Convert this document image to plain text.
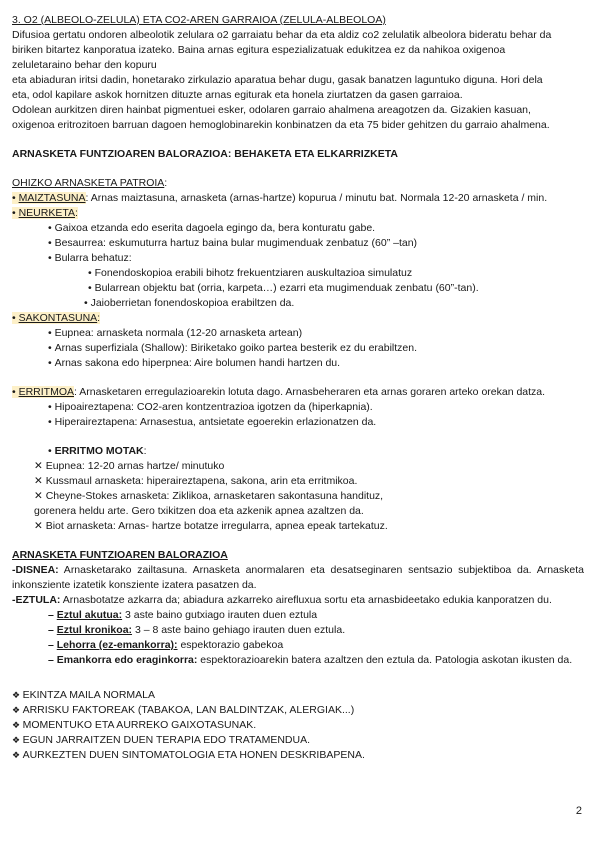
3. O2 (ALBEOLO-ZELULA) ETA CO2-AREN GARRAIOA (ZELULA-ALBEOLOA)

Difusioa gertatu ondoren albeolotik zelulara o2 garraiatu behar da eta aldiz co2 zelulatik albeolora bideratu behar da

biriken bitartez kanporatua izateko. Baina arnas egitura espezializatuak edukitzea ez da nahikoa oxigenoa

zeluletaraino behar den kopuru

eta abiaduran iritsi dadin, honetarako zirkulazio aparatua behar dugu, gasak banatzen laguntuko diguna. Hori dela

eta, odol kapilare askok hornitzen dituzte arnas egiturak eta honela ziurtatzen da gasen garraioa.

Odolean aurkitzen diren hainbat pigmentuei esker, odolaren garraio ahalmena areagotzen da. Gizakien kasuan,

oxigenoa eritrozitoen barruan dagoen hemoglobinarekin konbinatzen da eta 75 bider gehitzen du garraio ahalmena.

ARNASKETA FUNTZIOAREN BALORAZIOA: BEHAKETA ETA ELKARRIZKETA

OHIZKO ARNASKETA PATROIA:

• MAIZTASUNA: Arnas maiztasuna, arnasketa (arnas-hartze) kopurua / minutu bat. Normala 12-20 arnasketa / min.

• NEURKETA:

• Gaixoa etzanda edo eserita dagoela egingo da, bera konturatu gabe.

• Besaurrea: eskumuturra hartuz baina bular mugimenduak zenbatuz (60” –tan)

• Bularra behatuz:

• Fonendoskopioa erabili bihotz frekuentziaren auskultazioa simulatuz

• Bularrean objektu bat (orria, karpeta…) ezarri eta mugimenduak zenbatu (60”-tan).

• Jaioberrietan fonendoskopioa erabiltzen da.

• SAKONTASUNA:

• Eupnea: arnasketa normala (12-20 arnasketa artean)

• Arnas superfiziala (Shallow): Biriketako goiko partea besterik ez du erabiltzen.

• Arnas sakona edo hiperpnea: Aire bolumen handi hartzen du.

• ERRITMOA: Arnasketaren erregulazioarekin lotuta dago. Arnasbeheraren eta arnas goraren arteko orekan datza.

• Hipoaireztapena: CO2-aren kontzentrazioa igotzen da (hiperkapnia).

• Hiperaireztapena: Arnasestua, antsietate egoerekin erlazionatzen da.

• ERRITMO MOTAK:

✕ Eupnea: 12-20 arnas hartze/ minutuko

✕ Kussmaul arnasketa: hiperaireztapena, sakona, arin eta erritmikoa.

✕ Cheyne-Stokes arnasketa: Ziklikoa, arnasketaren sakontasuna handituz,

gorenera heldu arte. Gero txikitzen doa eta azkenik apnea azaltzen da.

✕ Biot arnasketa: Arnas- hartze botatze irregularra, apnea epeak tartekatuz.

ARNASKETA FUNTZIOAREN BALORAZIOA

-DISNEA: Arnasketarako zailtasuna. Arnasketa anormalaren eta desatseginaren sentsazio subjektiboa da. Arnasketa inkonsziente izatetik konsziente izatera pasatzen da.

-EZTULA: Arnasbotatze azkarra da; abiadura azkarreko aireﬂuxua sortu eta arnasbideetako edukia kanporatzen du.

– Eztul akutua: 3 aste baino gutxiago irauten duen eztula

– Eztul kronikoa: 3 – 8 aste baino gehiago irauten duen eztula.

– Lehorra (ez-emankorra): espektorazio gabekoa

– Emankorra edo eraginkorra: espektorazioarekin batera azaltzen den eztula da. Patologia askotan ikusten da.

❖ EKINTZA MAILA NORMALA

❖ ARRISKU FAKTOREAK (TABAKOA, LAN BALDINTZAK, ALERGIAK...)

❖ MOMENTUKO ETA AURREKO GAIXOTASUNAK.

❖ EGUN JARRAITZEN DUEN TERAPIA EDO TRATAMENDUA.

❖ AURKEZTEN DUEN SINTOMATOLOGIA ETA HONEN DESKRIBAPENA.

2
